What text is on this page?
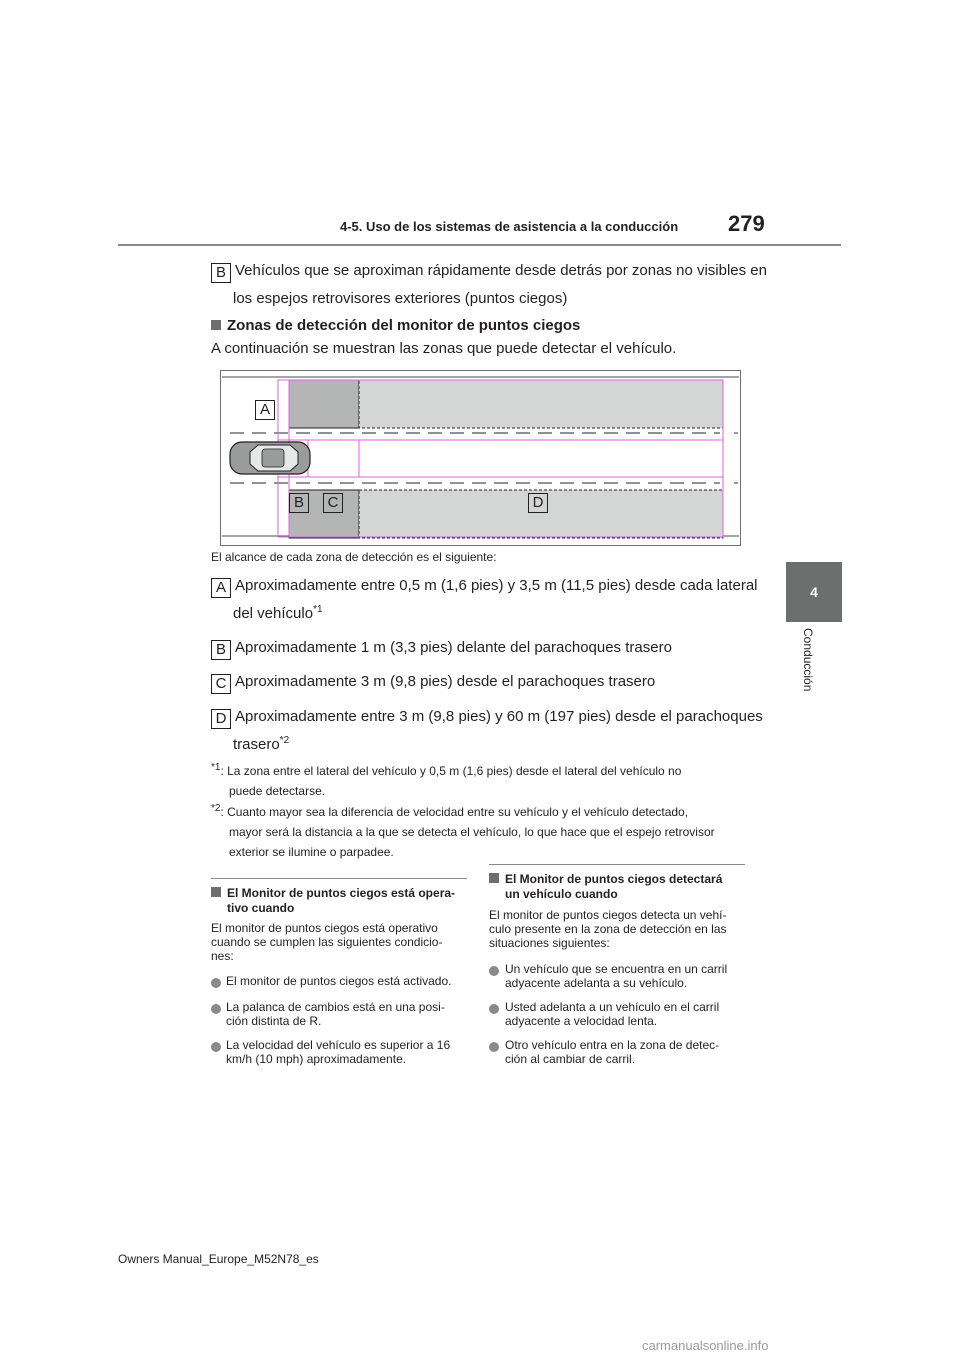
4-5. Uso de los sistemas de asistencia a la conducción 279
4
Conducción
B Vehículos que se aproximan rápidamente desde detrás por zonas no visibles en
los espejos retrovisores exteriores (puntos ciegos)
Zonas de detección del monitor de puntos ciegos
A continuación se muestran las zonas que puede detectar el vehículo.
A
B	C	D
El alcance de cada zona de detección es el siguiente:
A Aproximadamente entre 0,5 m (1,6 pies) y 3,5 m (11,5 pies) desde cada lateral
del vehículo$^{*1}$
B Aproximadamente 1 m (3,3 pies) delante del parachoques trasero
C Aproximadamente 3 m (9,8 pies) desde el parachoques trasero
D Aproximadamente entre 3 m (9,8 pies) y 60 m (197 pies) desde el parachoques
trasero$^{*2}$
$^{*1}$: La zona entre el lateral del vehículo y 0,5 m (1,6 pies) desde el lateral del vehículo no
puede detectarse.
$^{*2}$: Cuanto mayor sea la diferencia de velocidad entre su vehículo y el vehículo detectado,
mayor será la distancia a la que se detecta el vehículo, lo que hace que el espejo retrovisor
exterior se ilumine o parpadee.
El Monitor de puntos ciegos está opera-
tivo cuando
El monitor de puntos ciegos está operativo
cuando se cumplen las siguientes condicio-
nes:
El monitor de puntos ciegos está activado.
La palanca de cambios está en una posi-
ción distinta de R.
La velocidad del vehículo es superior a 16
km/h (10 mph) aproximadamente.
El Monitor de puntos ciegos detectará
un vehículo cuando
El monitor de puntos ciegos detecta un vehí-
culo presente en la zona de detección en las
situaciones siguientes:
Un vehículo que se encuentra en un carril
adyacente adelanta a su vehículo.
Usted adelanta a un vehículo en el carril
adyacente a velocidad lenta.
Otro vehículo entra en la zona de detec-
ción al cambiar de carril.
Owners Manual_Europe_M52N78_es
carmanualsonline.info
